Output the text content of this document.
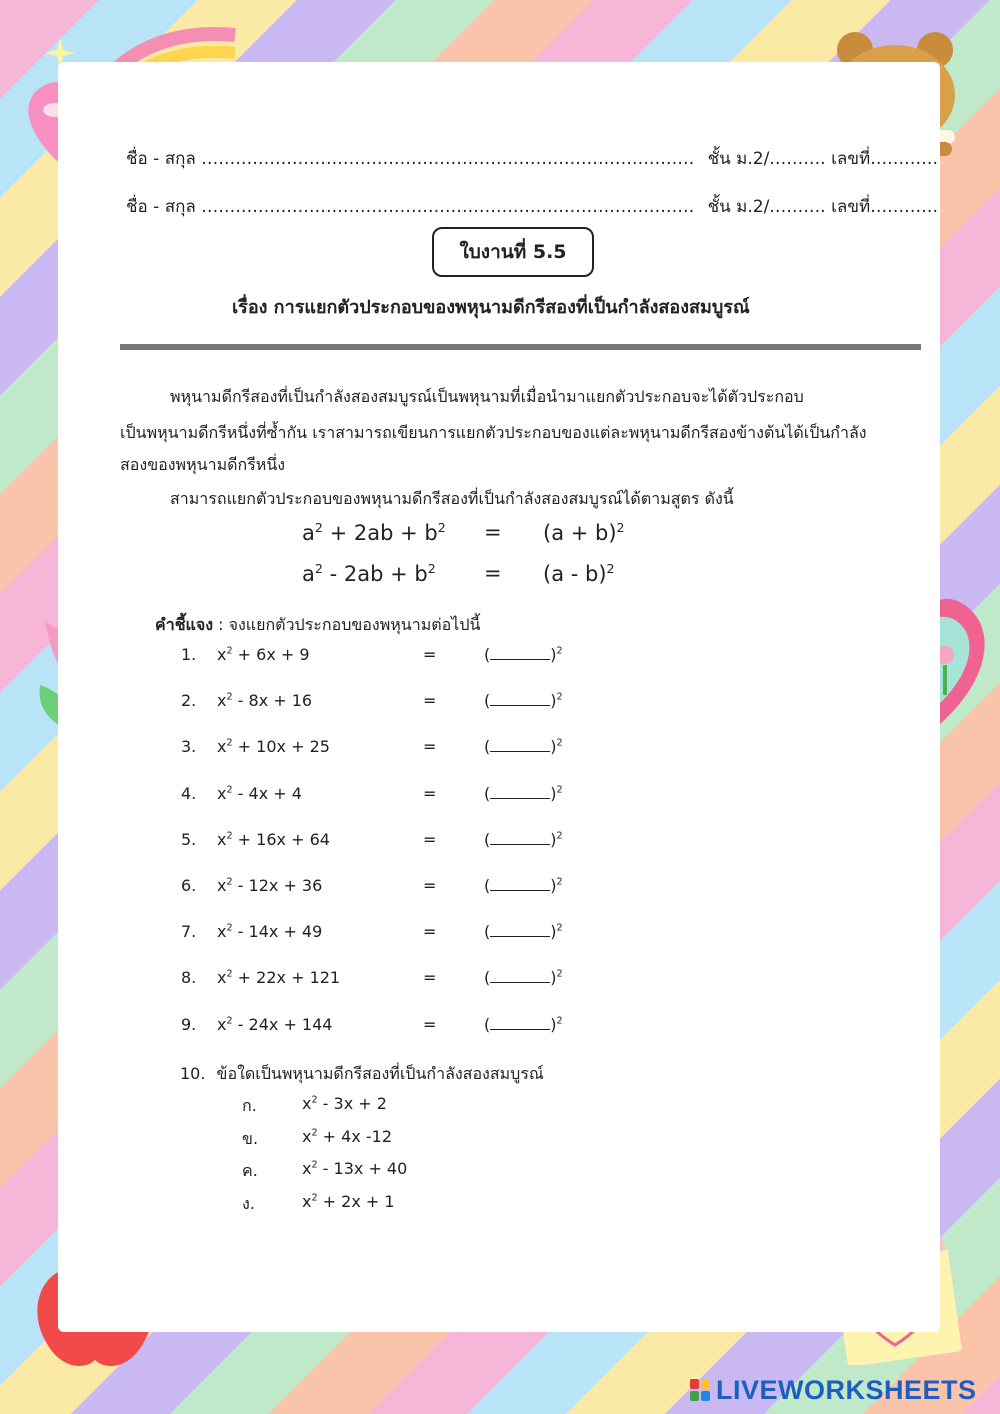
ชื่อ - สกุล …………………………………………………………………………… ชั้น ม.2/………. เลขที่…………
ชื่อ - สกุล …………………………………………………………………………… ชั้น ม.2/………. เลขที่…………
ใบงานที่ 5.5
เรื่อง การแยกตัวประกอบของพหุนามดีกรีสองที่เป็นกำลังสองสมบูรณ์
พหุนามดีกรีสองที่เป็นกำลังสองสมบูรณ์เป็นพหุนามที่เมื่อนำมาแยกตัวประกอบจะได้ตัวประกอบ
เป็นพหุนามดีกรีหนึ่งที่ซ้ำกัน เราสามารถเขียนการแยกตัวประกอบของแต่ละพหุนามดีกรีสองข้างต้นได้เป็นกำลัง
สองของพหุนามดีกรีหนึ่ง
สามารถแยกตัวประกอบของพหุนามดีกรีสองที่เป็นกำลังสองสมบูรณ์ได้ตามสูตร ดังนี้
$a^2 + 2ab + b^2 = (a + b)^2$
$a^2 - 2ab + b^2 = (a - b)^2$
คำชี้แจง : จงแยกตัวประกอบของพหุนามต่อไปนี้
1. $x^2 + 6x + 9$	=	(	)$^2$
2. $x^2 - 8x + 16$	=	(	)$^2$
3. $x^2 + 10x + 25$	=	(	)$^2$
4. $x^2 - 4x + 4$	=	(	)$^2$
5. $x^2 + 16x + 64$	=	(	)$^2$
6. $x^2 - 12x + 36$	=	(	)$^2$
7. $x^2 - 14x + 49$	=	(	)$^2$
8. $x^2 + 22x + 121$	=	(	)$^2$
9. $x^2 - 24x + 144$	=	(	)$^2$
10. ข้อใดเป็นพหุนามดีกรีสองที่เป็นกำลังสองสมบูรณ์
ก.	$x^2 - 3x + 2$
ข.	$x^2 + 4x$ -12
ค.	$x^2 - 13x + 40$
ง.	$x^2 + 2x + 1$
LIVEWORKSHEETS
